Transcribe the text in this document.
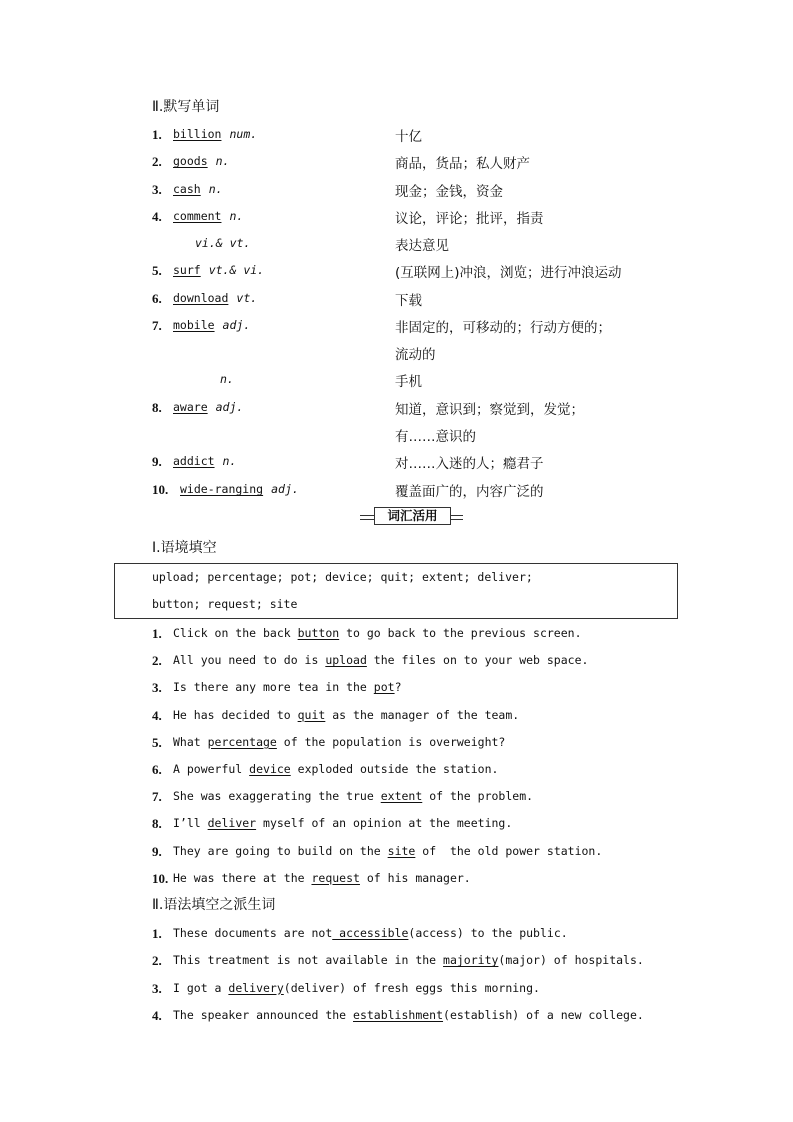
Ⅱ.默写单词
1. billion num.	十亿
2. goods n.	商品，货品；私人财产
3. cash n.	现金；金钱，资金
4. comment n.	议论，评论；批评，指责
vi.& vt.	表达意见
5. surf vt.& vi.	(互联网上)冲浪，浏览；进行冲浪运动
6. download vt.	下载
7. mobile adj.	非固定的，可移动的；行动方便的；
流动的
n.	手机
8. aware adj.	知道，意识到；察觉到，发觉；
有……意识的
9. addict n.	对……入迷的人；瘾君子
10. wide-ranging adj.	覆盖面广的，内容广泛的
词汇活用
Ⅰ.语境填空
upload; percentage; pot; device; quit; extent; deliver;
button; request; site
1. Click on the back button to go back to the previous screen.
2. All you need to do is upload the files on to your web space.
3. Is there any more tea in the pot?
4. He has decided to quit as the manager of the team.
5. What percentage of the population is overweight?
6. A powerful device exploded outside the station.
7. She was exaggerating the true extent of the problem.
8. I’ll deliver myself of an opinion at the meeting.
9. They are going to build on the site of  the old power station.
10. He was there at the request of his manager.
Ⅱ.语法填空之派生词
1. These documents are not accessible(access) to the public.
2. This treatment is not available in the majority(major) of hospitals.
3. I got a delivery(deliver) of fresh eggs this morning.
4. The speaker announced the establishment(establish) of a new college.
